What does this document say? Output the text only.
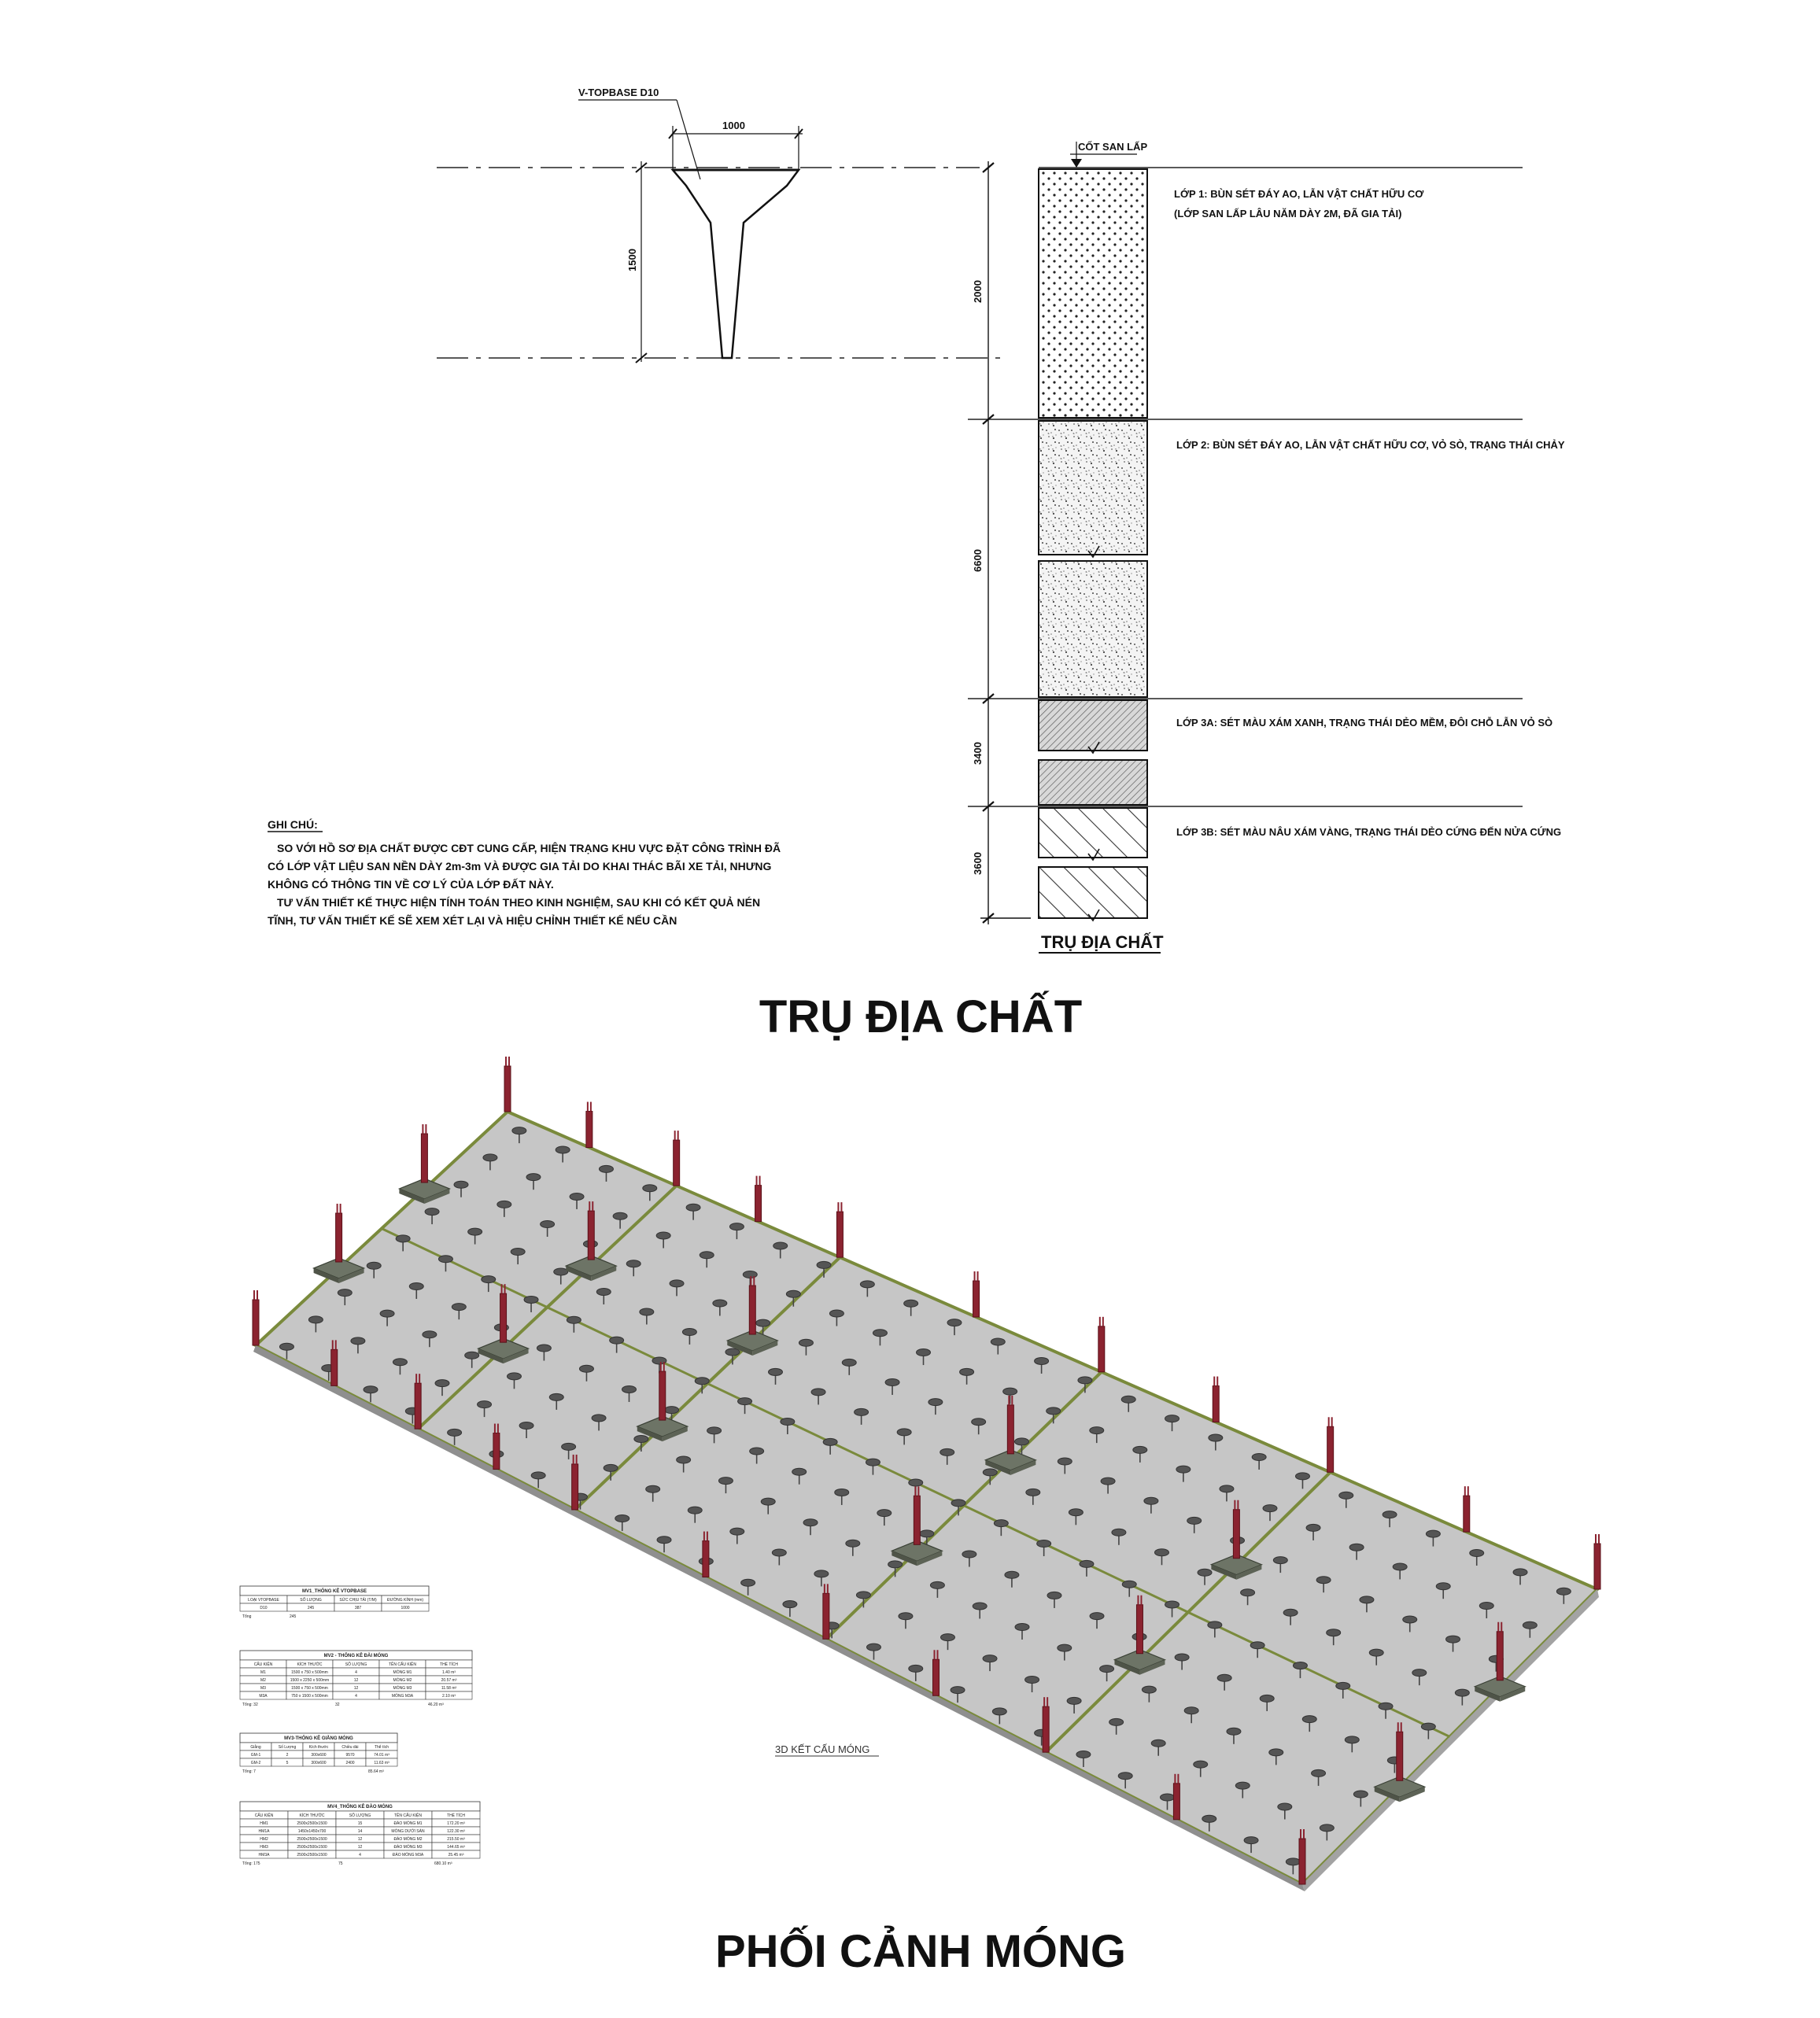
V-TOPBASE D10
1000
1500
CỐT SAN LẤP
2000
6600
3400
3600
LỚP 1: BÙN SÉT ĐÁY AO, LẪN VẬT CHẤT HỮU CƠ
(LỚP SAN LẤP LÂU NĂM DÀY 2M, ĐÃ GIA TẢI)
LỚP 2: BÙN SÉT ĐÁY AO, LẪN VẬT CHẤT HỮU CƠ, VỎ SÒ, TRẠNG THÁI CHẢY
LỚP 3A: SÉT MÀU XÁM XANH, TRẠNG THÁI DẺO MỀM, ĐÔI CHỖ LẪN VỎ SÒ
LỚP 3B: SÉT MÀU NÂU XÁM VÀNG, TRẠNG THÁI DẺO CỨNG ĐẾN NỬA CỨNG
TRỤ ĐỊA CHẤT
GHI CHÚ:
SO VỚI HỒ SƠ ĐỊA CHẤT ĐƯỢC CĐT CUNG CẤP, HIỆN TRẠNG KHU VỰC ĐẶT CÔNG TRÌNH ĐÃ
CÓ LỚP VẬT LIỆU SAN NỀN DÀY 2m-3m VÀ ĐƯỢC GIA TẢI DO KHAI THÁC BÃI XE TẢI, NHƯNG
KHÔNG CÓ THÔNG TIN VỀ CƠ LÝ CỦA LỚP ĐẤT NÀY.
TƯ VẤN THIẾT KẾ THỰC HIỆN TÍNH TOÁN THEO KINH NGHIỆM, SAU KHI CÓ KẾT QUẢ NÉN
TĨNH, TƯ VẤN THIẾT KẾ SẼ XEM XÉT LẠI VÀ HIỆU CHỈNH THIẾT KẾ NẾU CẦN
TRỤ ĐỊA CHẤT
3D KẾT CẤU MÓNG
MV1_THỐNG KÊ VTOPBASE
LOẠI VTOPBASE	SỐ LƯỢNG	SỨC CHỊU TẢI (T/M)	ĐƯỜNG KÍNH (mm)
D10	245	387	1000
Tổng	245
MV2 - THỐNG KÊ ĐÀI MÓNG
CẤU KIỆN	KÍCH THƯỚC	SỐ LƯỢNG	TÊN CẤU KIỆN	THỂ TÍCH
M1	1500 x 750 x 500mm	4	MÓNG M1	1.40 m³
M2	1500 x 2250 x 500mm	12	MÓNG M2	20.57 m³
M3	1500 x 750 x 500mm	12	MÓNG M3	11.58 m³
M3A	750 x 1500 x 500mm	4	MÓNG M3A	2.10 m³
Tổng: 32	32	46.20 m³
MV3-THỐNG KÊ GIẰNG MÓNG
Giằng	Số Lượng	Kích thước	Chiều dài	Thể tích
GM-1	2	300x600	9570	74.01 m³
GM-2	5	300x600	2400	11.63 m³
Tổng: 7	85.64 m³
MV4_THỐNG KÊ ĐÀO MÓNG
CẤU KIỆN	KÍCH THƯỚC	SỐ LƯỢNG	TÊN CẤU KIỆN	THỂ TÍCH
HM1	2500x2500x1500	15	ĐÀO MÓNG M1	172.20 m³
HM1A	1450x1450x700	14	MÓNG DƯỚI SÀN	122.30 m³
HM2	2500x2500x1500	12	ĐÀO MÓNG M2	215.50 m³
HM3	2500x2500x1500	12	ĐÀO MÓNG M3	144.65 m³
HM3A	2500x2500x1500	4	ĐÀO MÓNG M3A	25.45 m³
Tổng: 175	75	680.10 m³
PHỐI CẢNH MÓNG
